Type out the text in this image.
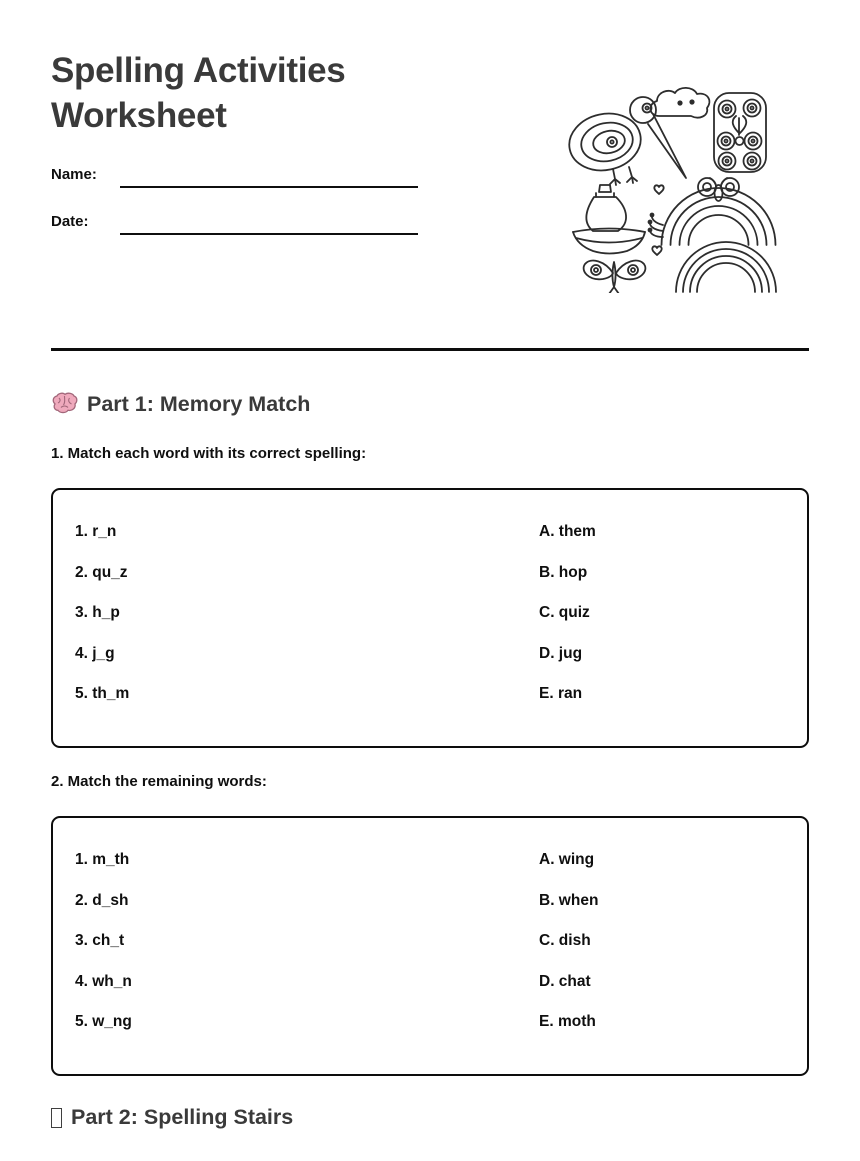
Spelling Activities Worksheet
Name:
Date:
Part 1: Memory Match

1. Match each word with its correct spelling:

1. r_n
2. qu_z
3. h_p
4. j_g
5. th_m
A. them
B. hop
C. quiz
D. jug
E. ran

2. Match the remaining words:

1. m_th
2. d_sh
3. ch_t
4. wh_n
5. w_ng
A. wing
B. when
C. dish
D. chat
E. moth
Part 2: Spelling Stairs
